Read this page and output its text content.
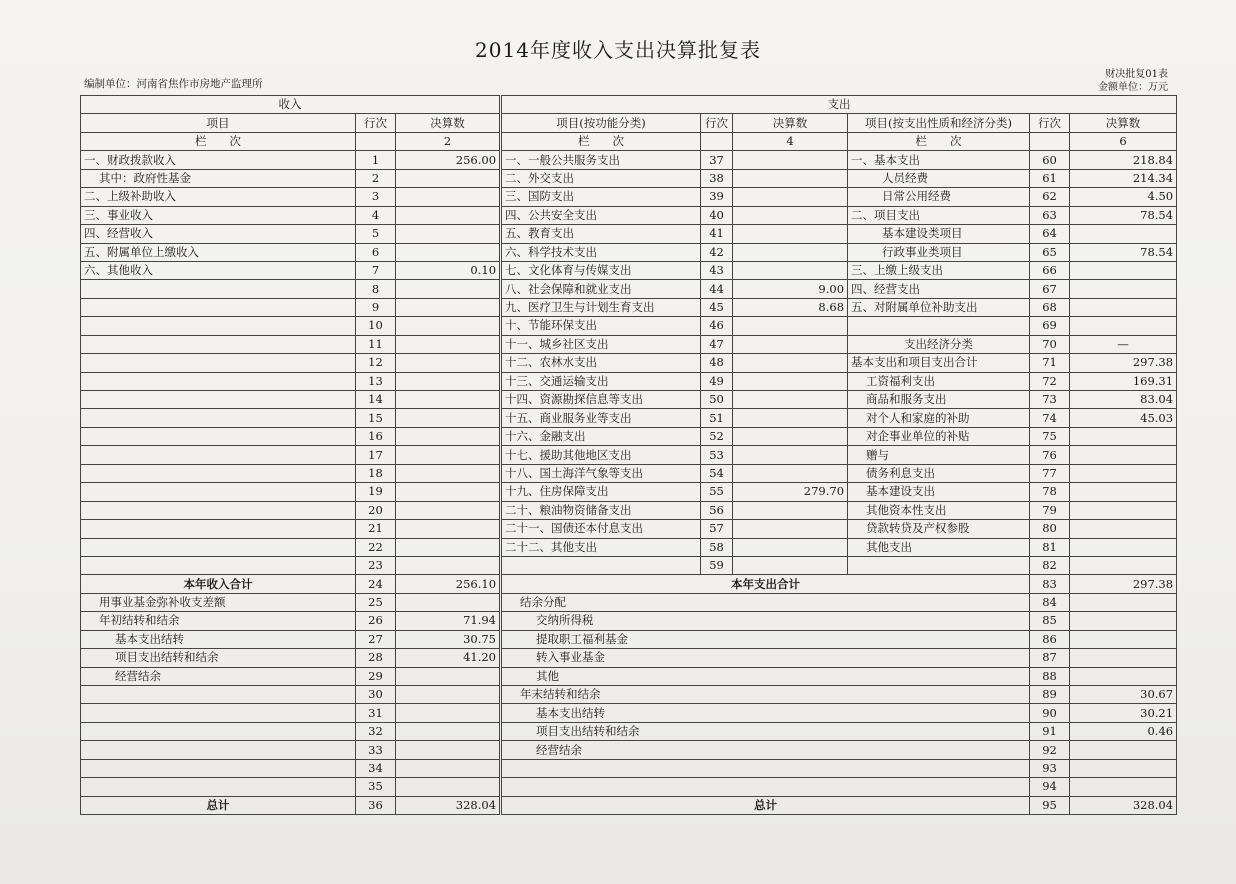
2014年度收入支出决算批复表
编制单位：河南省焦作市房地产监理所
财决批复01表
金额单位：万元
收入			支出					
项目	行次	决算数	项目(按功能分类)	行次	决算数	项目(按支出性质和经济分类)	行次	决算数
栏　　次		2	栏　　次		4	栏　　次		6
一、财政拨款收入	1	256.00	一、一般公共服务支出	37		一、基本支出	60	218.84
其中：政府性基金	2		二、外交支出	38		人员经费	61	214.34
二、上级补助收入	3		三、国防支出	39		日常公用经费	62	4.50
三、事业收入	4		四、公共安全支出	40		二、项目支出	63	78.54
四、经营收入	5		五、教育支出	41		基本建设类项目	64	
五、附属单位上缴收入	6		六、科学技术支出	42		行政事业类项目	65	78.54
六、其他收入	7	0.10	七、文化体育与传媒支出	43		三、上缴上级支出	66	
	8		八、社会保障和就业支出	44	9.00	四、经营支出	67	
	9		九、医疗卫生与计划生育支出	45	8.68	五、对附属单位补助支出	68	
	10		十、节能环保支出	46			69	
	11		十一、城乡社区支出	47		支出经济分类	70	—
	12		十二、农林水支出	48		基本支出和项目支出合计	71	297.38
	13		十三、交通运输支出	49		工资福利支出	72	169.31
	14		十四、资源勘探信息等支出	50		商品和服务支出	73	83.04
	15		十五、商业服务业等支出	51		对个人和家庭的补助	74	45.03
	16		十六、金融支出	52		对企事业单位的补贴	75	
	17		十七、援助其他地区支出	53		赠与	76	
	18		十八、国土海洋气象等支出	54		债务利息支出	77	
	19		十九、住房保障支出	55	279.70	基本建设支出	78	
	20		二十、粮油物资储备支出	56		其他资本性支出	79	
	21		二十一、国债还本付息支出	57		贷款转贷及产权参股	80	
	22		二十二、其他支出	58		其他支出	81	
	23			59			82	
本年收入合计	24	256.10	本年支出合计				83	297.38
用事业基金弥补收支差额	25		结余分配				84	
年初结转和结余	26	71.94	交纳所得税				85	
基本支出结转	27	30.75	提取职工福利基金				86	
项目支出结转和结余	28	41.20	转入事业基金				87	
经营结余	29		其他				88	
	30		年末结转和结余				89	30.67
	31		基本支出结转				90	30.21
	32		项目支出结转和结余				91	0.46
	33		经营结余				92	
	34						93	
	35						94	
总计	36	328.04	总计				95	328.04
